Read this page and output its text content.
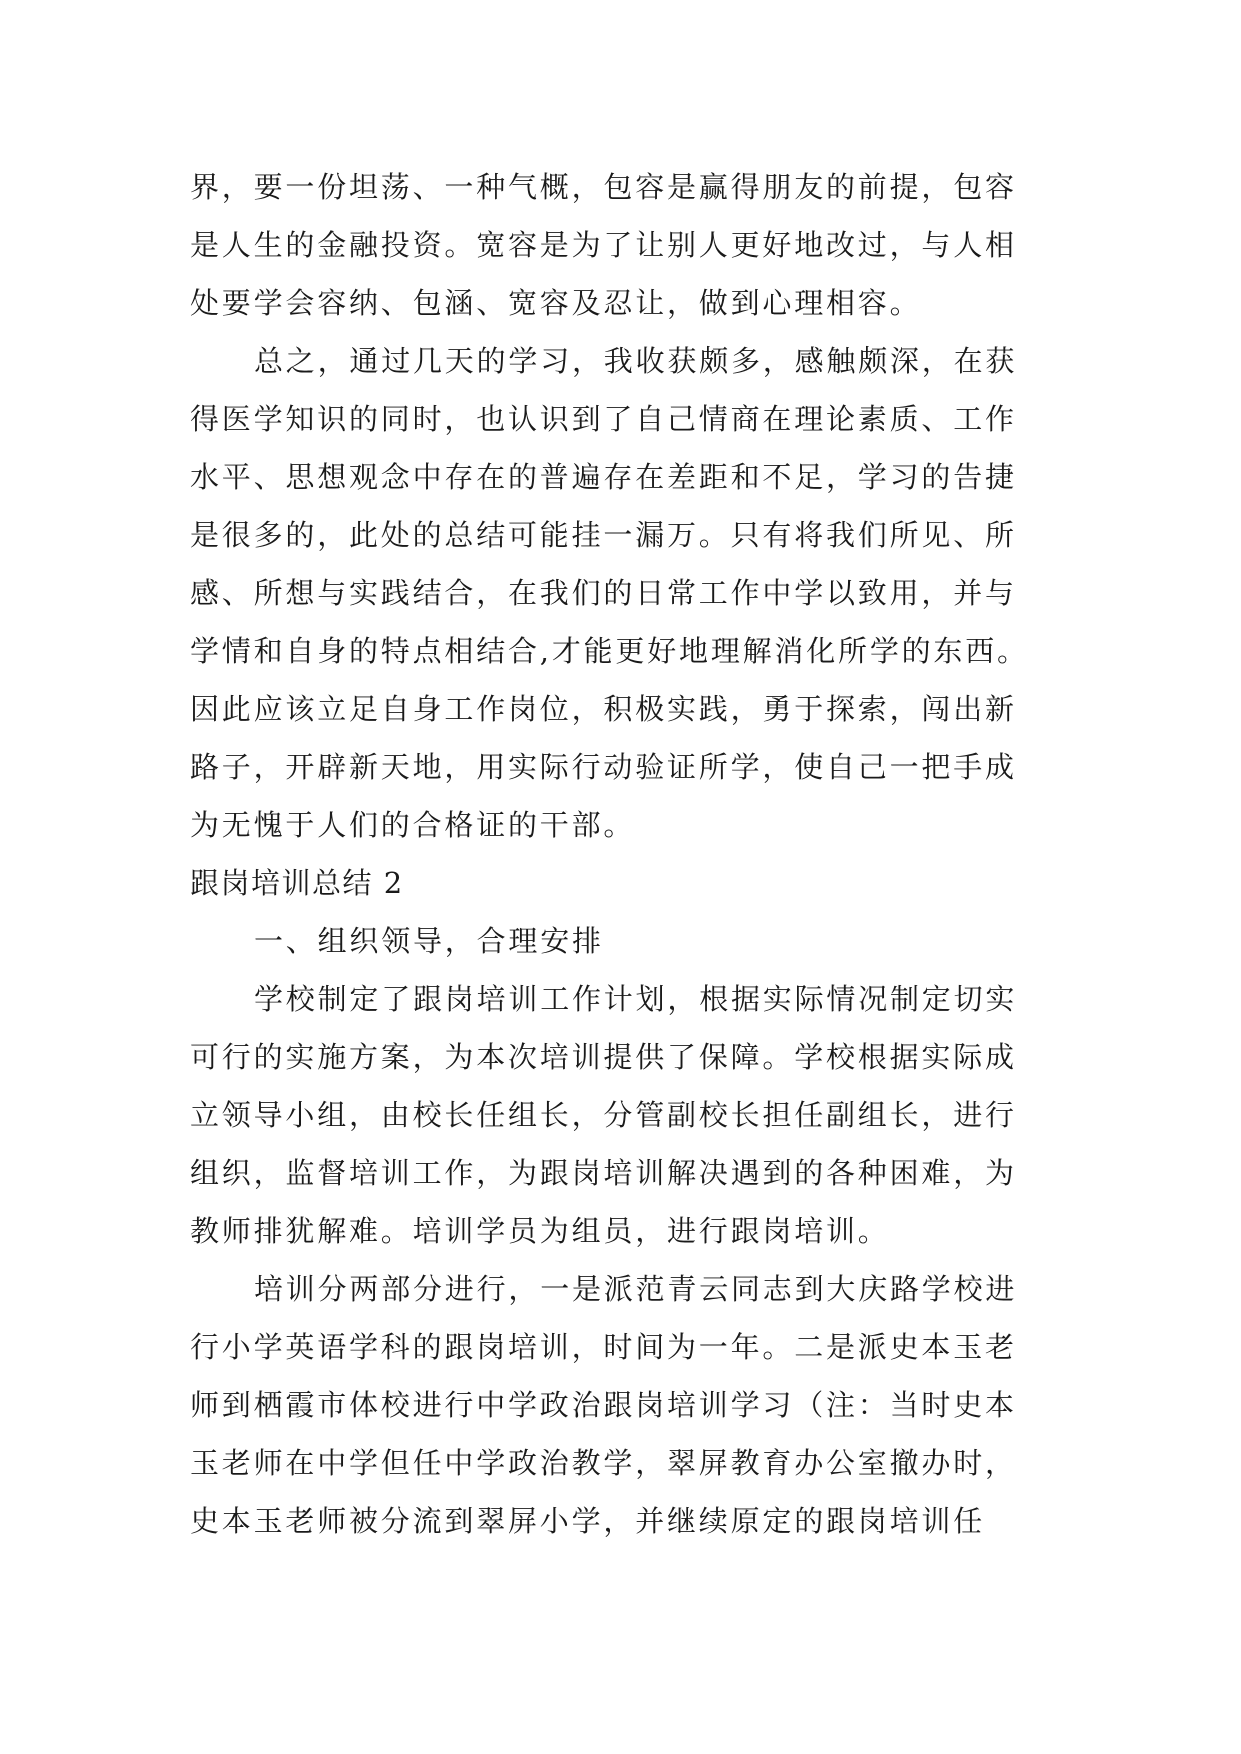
界，要一份坦荡、一种气概，包容是赢得朋友的前提，包容
是人生的金融投资。宽容是为了让别人更好地改过，与人相
处要学会容纳、包涵、宽容及忍让，做到心理相容。
总之，通过几天的学习，我收获颇多，感触颇深，在获
得医学知识的同时，也认识到了自己情商在理论素质、工作
水平、思想观念中存在的普遍存在差距和不足，学习的告捷
是很多的，此处的总结可能挂一漏万。只有将我们所见、所
感、所想与实践结合，在我们的日常工作中学以致用，并与
学情和自身的特点相结合,才能更好地理解消化所学的东西。
因此应该立足自身工作岗位，积极实践，勇于探索，闯出新
路子，开辟新天地，用实际行动验证所学，使自己一把手成
为无愧于人们的合格证的干部。
跟岗培训总结 2
一、组织领导，合理安排
学校制定了跟岗培训工作计划，根据实际情况制定切实
可行的实施方案，为本次培训提供了保障。学校根据实际成
立领导小组，由校长任组长，分管副校长担任副组长，进行
组织，监督培训工作，为跟岗培训解决遇到的各种困难，为
教师排犹解难。培训学员为组员，进行跟岗培训。
培训分两部分进行，一是派范青云同志到大庆路学校进
行小学英语学科的跟岗培训，时间为一年。二是派史本玉老
师到栖霞市体校进行中学政治跟岗培训学习（注：当时史本
玉老师在中学但任中学政治教学，翠屏教育办公室撤办时，
史本玉老师被分流到翠屏小学，并继续原定的跟岗培训任
